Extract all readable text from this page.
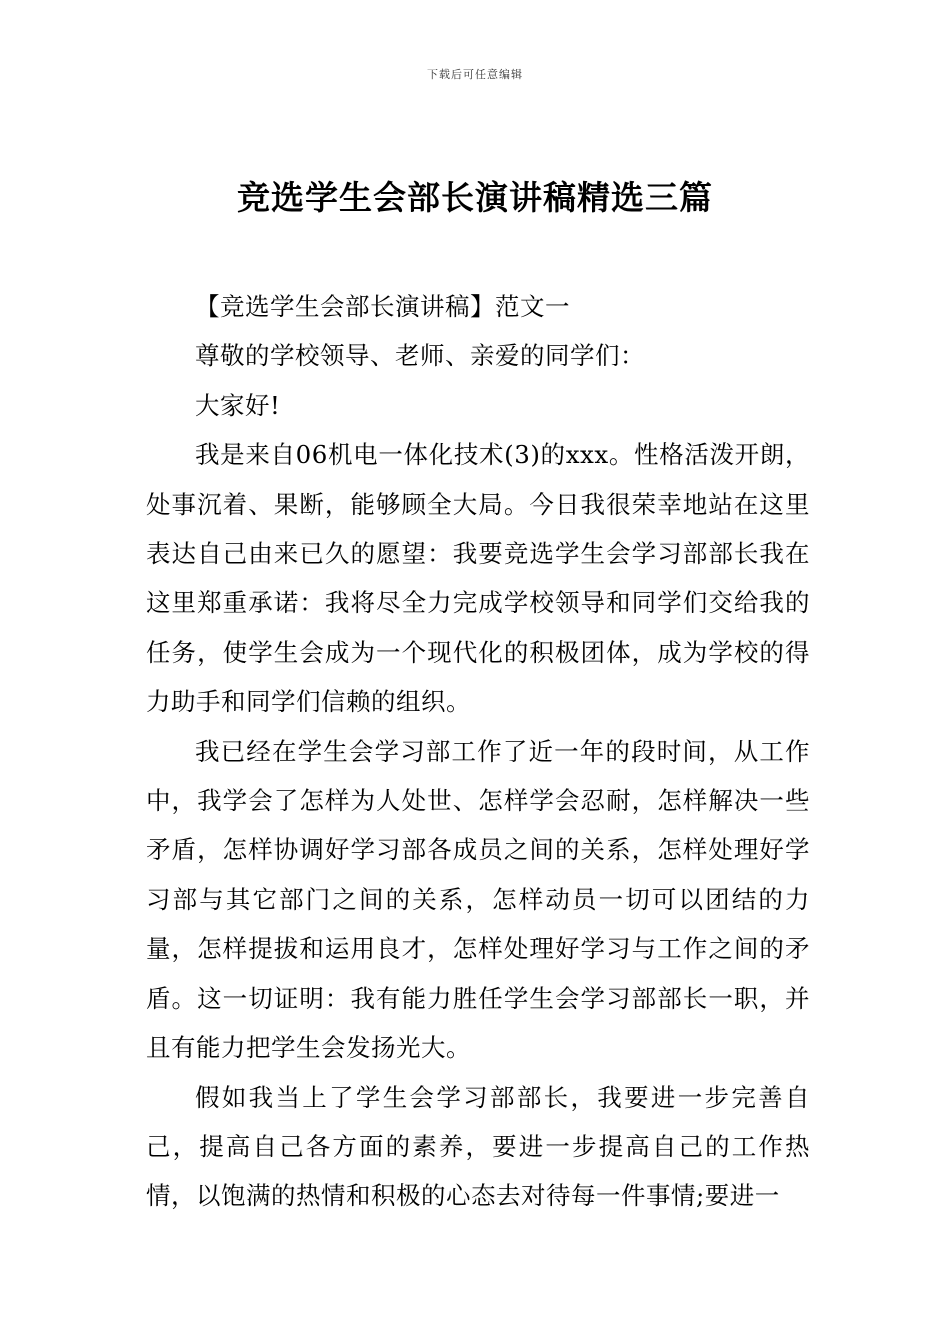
下载后可任意编辑
竞选学生会部长演讲稿精选三篇

【竞选学生会部长演讲稿】范文一

尊敬的学校领导、老师、亲爱的同学们：

大家好!

我是来自06机电一体化技术(3)的xxx。性格活泼开朗，处事沉着、果断，能够顾全大局。今日我很荣幸地站在这里表达自己由来已久的愿望：我要竞选学生会学习部部长我在这里郑重承诺：我将尽全力完成学校领导和同学们交给我的任务，使学生会成为一个现代化的积极团体，成为学校的得力助手和同学们信赖的组织。

我已经在学生会学习部工作了近一年的段时间，从工作中，我学会了怎样为人处世、怎样学会忍耐，怎样解决一些矛盾，怎样协调好学习部各成员之间的关系，怎样处理好学习部与其它部门之间的关系，怎样动员一切可以团结的力量，怎样提拔和运用良才，怎样处理好学习与工作之间的矛盾。这一切证明：我有能力胜任学生会学习部部长一职，并且有能力把学生会发扬光大。

假如我当上了学生会学习部部长，我要进一步完善自己，提高自己各方面的素养，要进一步提高自己的工作热情，以饱满的热情和积极的心态去对待每一件事情;要进一
